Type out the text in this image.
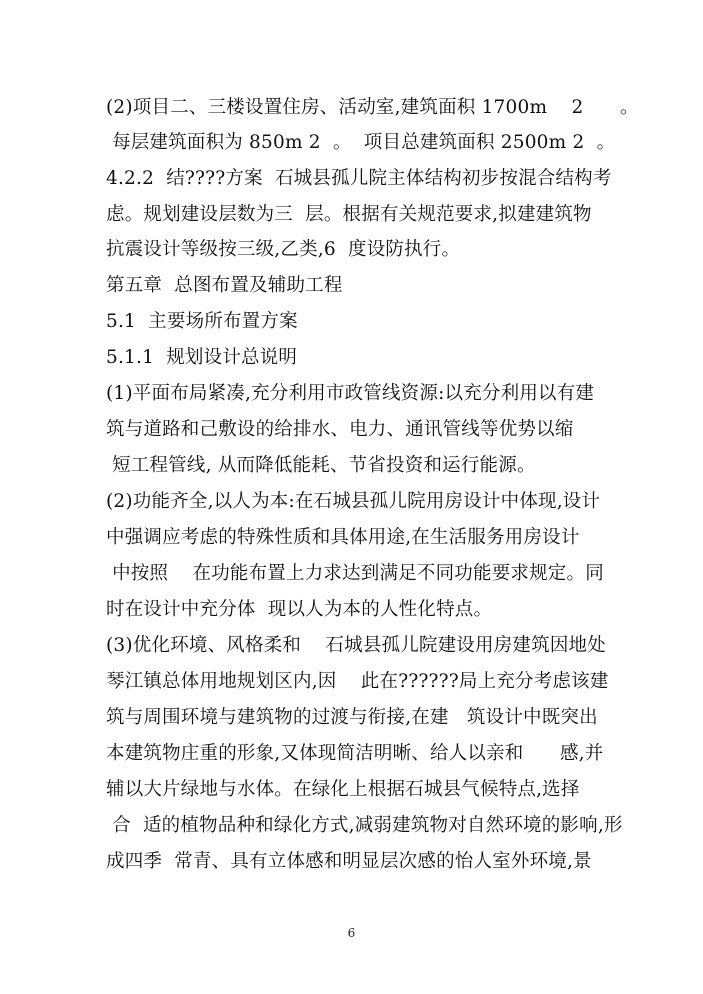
(2)项目二、三楼设置住房、活动室,建筑面积 1700m    2      。
每层建筑面积为 850m 2  。  项目总建筑面积 2500m 2  。
4.2.2  结????方案  石城县孤儿院主体结构初步按混合结构考
虑。规划建设层数为三  层。根据有关规范要求,拟建建筑物
抗震设计等级按三级,乙类,6  度设防执行。
第五章  总图布置及辅助工程
5.1  主要场所布置方案
5.1.1  规划设计总说明
(1)平面布局紧凑,充分利用市政管线资源:以充分利用以有建
筑与道路和己敷设的给排水、电力、通讯管线等优势以缩
短工程管线, 从而降低能耗、节省投资和运行能源。
(2)功能齐全,以人为本:在石城县孤儿院用房设计中体现,设计
中强调应考虑的特殊性质和具体用途,在生活服务用房设计
中按照    在功能布置上力求达到满足不同功能要求规定。同
时在设计中充分体  现以人为本的人性化特点。
(3)优化环境、风格柔和    石城县孤儿院建设用房建筑因地处
琴江镇总体用地规划区内,因    此在??????局上充分考虑该建
筑与周围环境与建筑物的过渡与衔接,在建   筑设计中既突出
本建筑物庄重的形象,又体现简洁明晰、给人以亲和      感,并
辅以大片绿地与水体。在绿化上根据石城县气候特点,选择
合  适的植物品种和绿化方式,减弱建筑物对自然环境的影响,形
成四季  常青、具有立体感和明显层次感的怡人室外环境,景
6
